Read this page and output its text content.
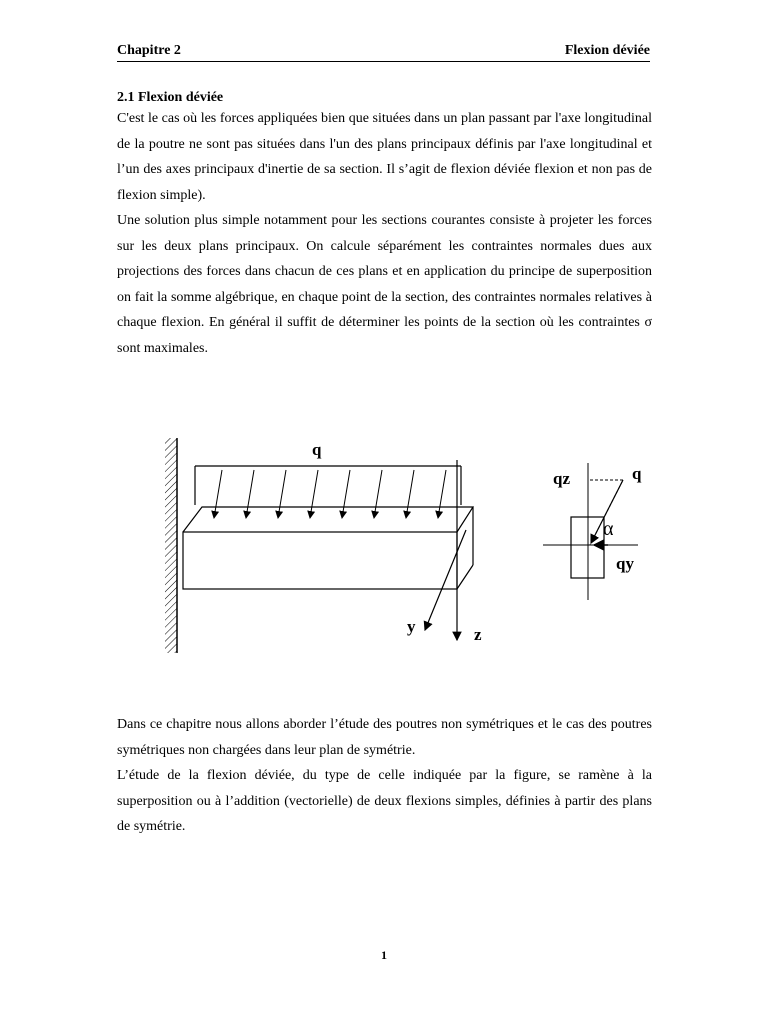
Chapitre 2	Flexion déviée
2.1 Flexion déviée
C'est le cas où les forces appliquées bien que situées dans un plan passant par l'axe longitudinal de la poutre ne sont pas situées dans l'un des plans principaux définis par l'axe longitudinal et l’un des axes principaux d'inertie de sa section. Il s’agit de flexion déviée flexion et non pas de flexion simple).
Une solution plus simple notamment pour les sections courantes consiste à projeter les forces sur les deux plans principaux. On calcule séparément les contraintes normales dues aux projections des forces dans chacun de ces plans et en application du principe de superposition on fait la somme algébrique, en chaque point de la section, des contraintes normales relatives à chaque flexion. En général il suffit de déterminer les points de la section où les contraintes σ sont maximales.
q
y	z
q
qz
α
qy
Dans ce chapitre nous allons aborder l’étude des poutres non symétriques et le cas des poutres symétriques non chargées dans leur plan de symétrie.
L’étude de la flexion déviée, du type de celle indiquée par la figure, se ramène à la superposition ou à l’addition (vectorielle) de deux flexions simples, définies à partir des plans de symétrie.
1
